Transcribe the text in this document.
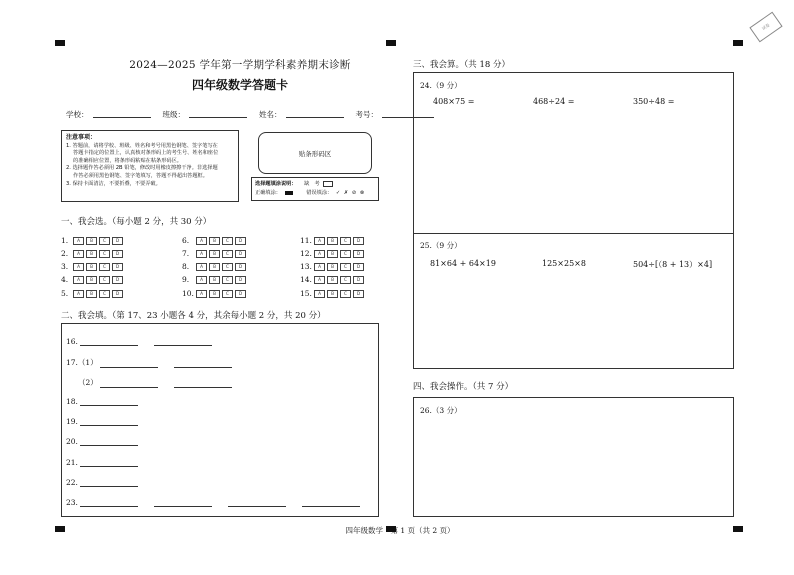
试卷
2024—2025 学年第一学期学科素养期末诊断
四年级数学答题卡
学校：	班级：	姓名：	考号：
注意事项：
1. 答题前，请将学校、班级、姓名和考号用黑色钢笔、签字笔写在
答题卡指定的位置上，认真核对条形码上的考生号、姓名和座位
的准确相应位置，将条形码粘贴在粘条形码区。
2. 选择题作答必须用 2B 铅笔，修改时用橡皮擦擦干净。非选择题
作答必须用黑色钢笔、签字笔填写，答题不得超出答题框。
3. 保持卡面清洁，不要折叠，不要弄破。
贴条形码区
选择题填涂说明： 缺　考
正确填涂：	错误填涂： ✓ ✗ ⊘ ⊗
一、我会选。（每小题 2 分，共 30 分）
1.	A	B	C	D
2.	A	B	C	D
3.	A	B	C	D
4.	A	B	C	D
5.	A	B	C	D
6.	A	B	C	D
7.	A	B	C	D
8.	A	B	C	D
9.	A	B	C	D
10.	A	B	C	D
11.	A	B	C	D
12.	A	B	C	D
13.	A	B	C	D
14.	A	B	C	D
15.	A	B	C	D
二、我会填。（第 17、23 小题各 4 分，其余每小题 2 分，共 20 分）
16.
17.（1）
（2）
18.
19.
20.
21.
22.
23.
三、我会算。（共 18 分）
24.（9 分）
408×75 =	468÷24 =	350÷48 =
25.（9 分）
81×64 + 64×19	125×25×8	504÷[（8 + 13）×4]
四、我会操作。（共 7 分）
26.（3 分）
四年级数学　第 1 页（共 2 页）
